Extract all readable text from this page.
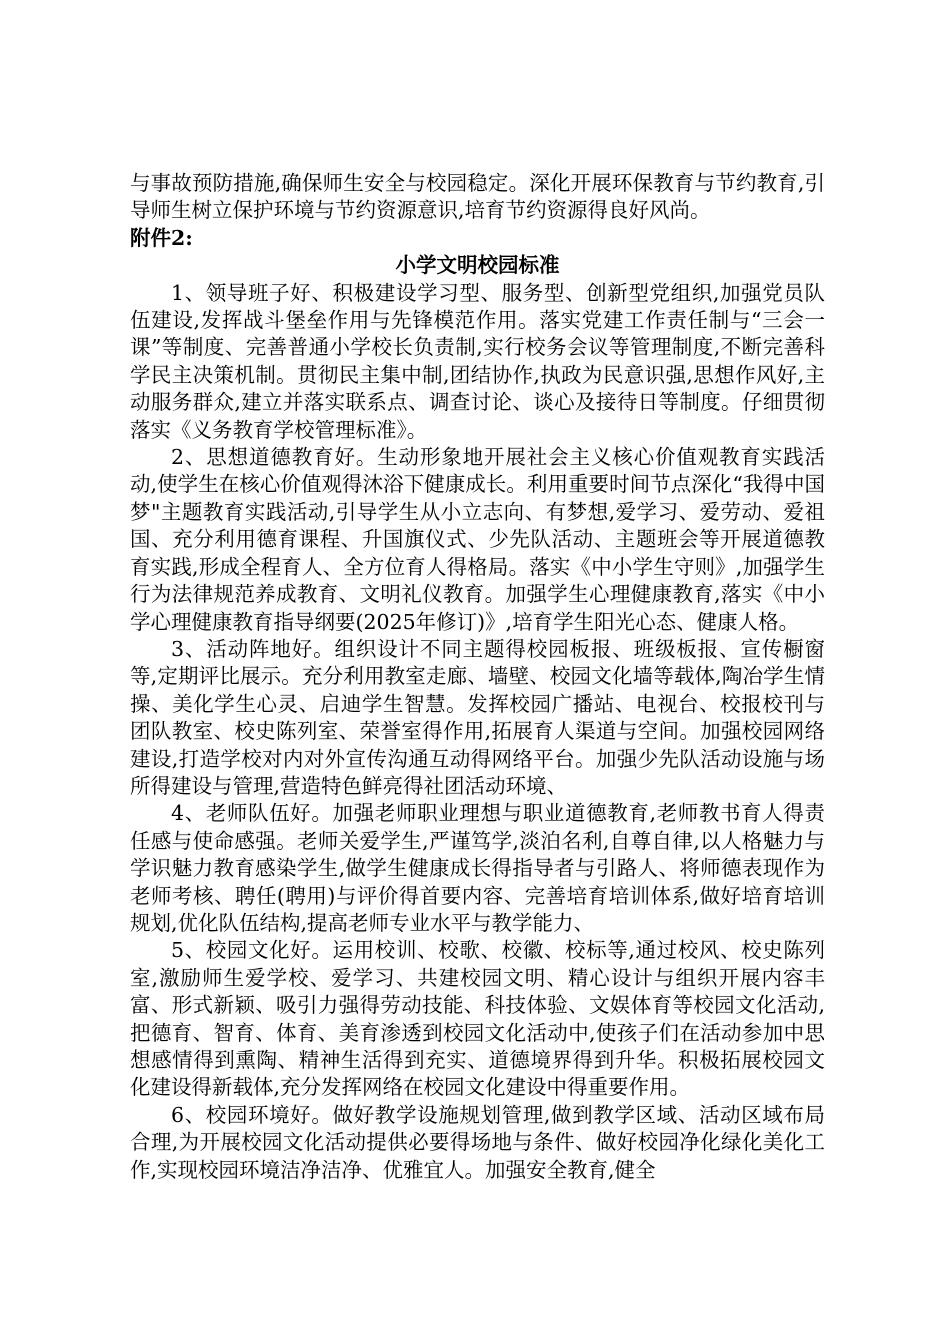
与事故预防措施,确保师生安全与校园稳定。深化开展环保教育与节约教育,引导师生树立保护环境与节约资源意识,培育节约资源得良好风尚。

附件2:

小学文明校园标准

1、领导班子好、积极建设学习型、服务型、创新型党组织,加强党员队伍建设,发挥战斗堡垒作用与先锋模范作用。落实党建工作责任制与“三会一课”等制度、完善普通小学校长负责制,实行校务会议等管理制度,不断完善科学民主决策机制。贯彻民主集中制,团结协作,执政为民意识强,思想作风好,主动服务群众,建立并落实联系点、调查讨论、谈心及接待日等制度。仔细贯彻落实《义务教育学校管理标准》。

2、思想道德教育好。生动形象地开展社会主义核心价值观教育实践活动,使学生在核心价值观得沐浴下健康成长。利用重要时间节点深化“我得中国梦"主题教育实践活动,引导学生从小立志向、有梦想,爱学习、爱劳动、爱祖国、充分利用德育课程、升国旗仪式、少先队活动、主题班会等开展道德教育实践,形成全程育人、全方位育人得格局。落实《中小学生守则》,加强学生行为法律规范养成教育、文明礼仪教育。加强学生心理健康教育,落实《中小学心理健康教育指导纲要(2025年修订)》,培育学生阳光心态、健康人格。

3、活动阵地好。组织设计不同主题得校园板报、班级板报、宣传橱窗等,定期评比展示。充分利用教室走廊、墙壁、校园文化墙等载体,陶冶学生情操、美化学生心灵、启迪学生智慧。发挥校园广播站、电视台、校报校刊与团队教室、校史陈列室、荣誉室得作用,拓展育人渠道与空间。加强校园网络建设,打造学校对内对外宣传沟通互动得网络平台。加强少先队活动设施与场所得建设与管理,营造特色鲜亮得社团活动环境、

4、老师队伍好。加强老师职业理想与职业道德教育,老师教书育人得责任感与使命感强。老师关爱学生,严谨笃学,淡泊名利,自尊自律,以人格魅力与学识魅力教育感染学生,做学生健康成长得指导者与引路人、将师德表现作为老师考核、聘任(聘用)与评价得首要内容、完善培育培训体系,做好培育培训规划,优化队伍结构,提高老师专业水平与教学能力、

5、校园文化好。运用校训、校歌、校徽、校标等,通过校风、校史陈列室,激励师生爱学校、爱学习、共建校园文明、精心设计与组织开展内容丰富、形式新颖、吸引力强得劳动技能、科技体验、文娱体育等校园文化活动,把德育、智育、体育、美育渗透到校园文化活动中,使孩子们在活动参加中思想感情得到熏陶、精神生活得到充实、道德境界得到升华。积极拓展校园文化建设得新载体,充分发挥网络在校园文化建设中得重要作用。

6、校园环境好。做好教学设施规划管理,做到教学区域、活动区域布局合理,为开展校园文化活动提供必要得场地与条件、做好校园净化绿化美化工作,实现校园环境洁净洁净、优雅宜人。加强安全教育,健全
